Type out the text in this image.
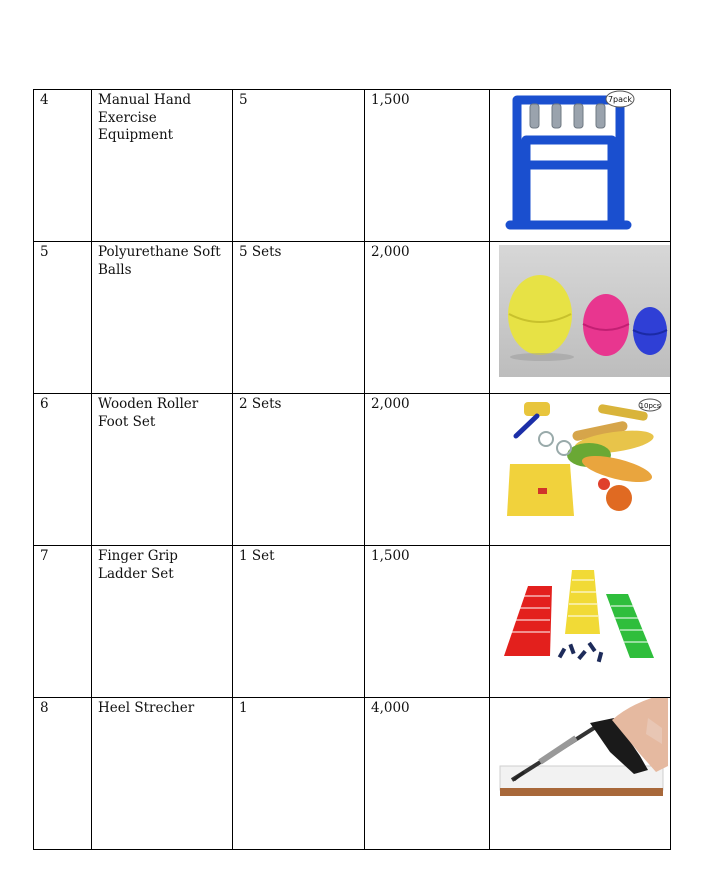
4	Manual Hand Exercise Equipment	5	1,500	7pack

5	Polyurethane Soft Balls	5 Sets	2,000	

6	Wooden Roller Foot Set	2 Sets	2,000	10pcs

7	Finger Grip Ladder Set	1 Set	1,500	

8	Heel Strecher	1	4,000	
